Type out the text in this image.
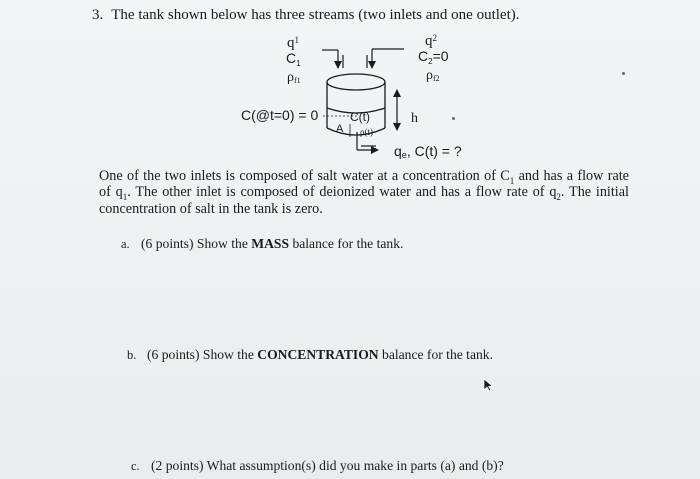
3. The tank shown below has three streams (two inlets and one outlet).
$q^1$
$C_1$
ρf1
$q^2$
$C_2=0$
ρf2
C(@t=0) = 0	C(t)
A ρ(t)
h
qe, C(t) = ?
One of the two inlets is composed of salt water at a concentration of $C_1$ and has a flow rate of $q_1$. The other inlet is composed of deionized water and has a flow rate of $q_2$. The initial concentration of salt in the tank is zero.
a. (6 points) Show the MASS balance for the tank.
b. (6 points) Show the CONCENTRATION balance for the tank.
c. (2 points) What assumption(s) did you make in parts (a) and (b)?
